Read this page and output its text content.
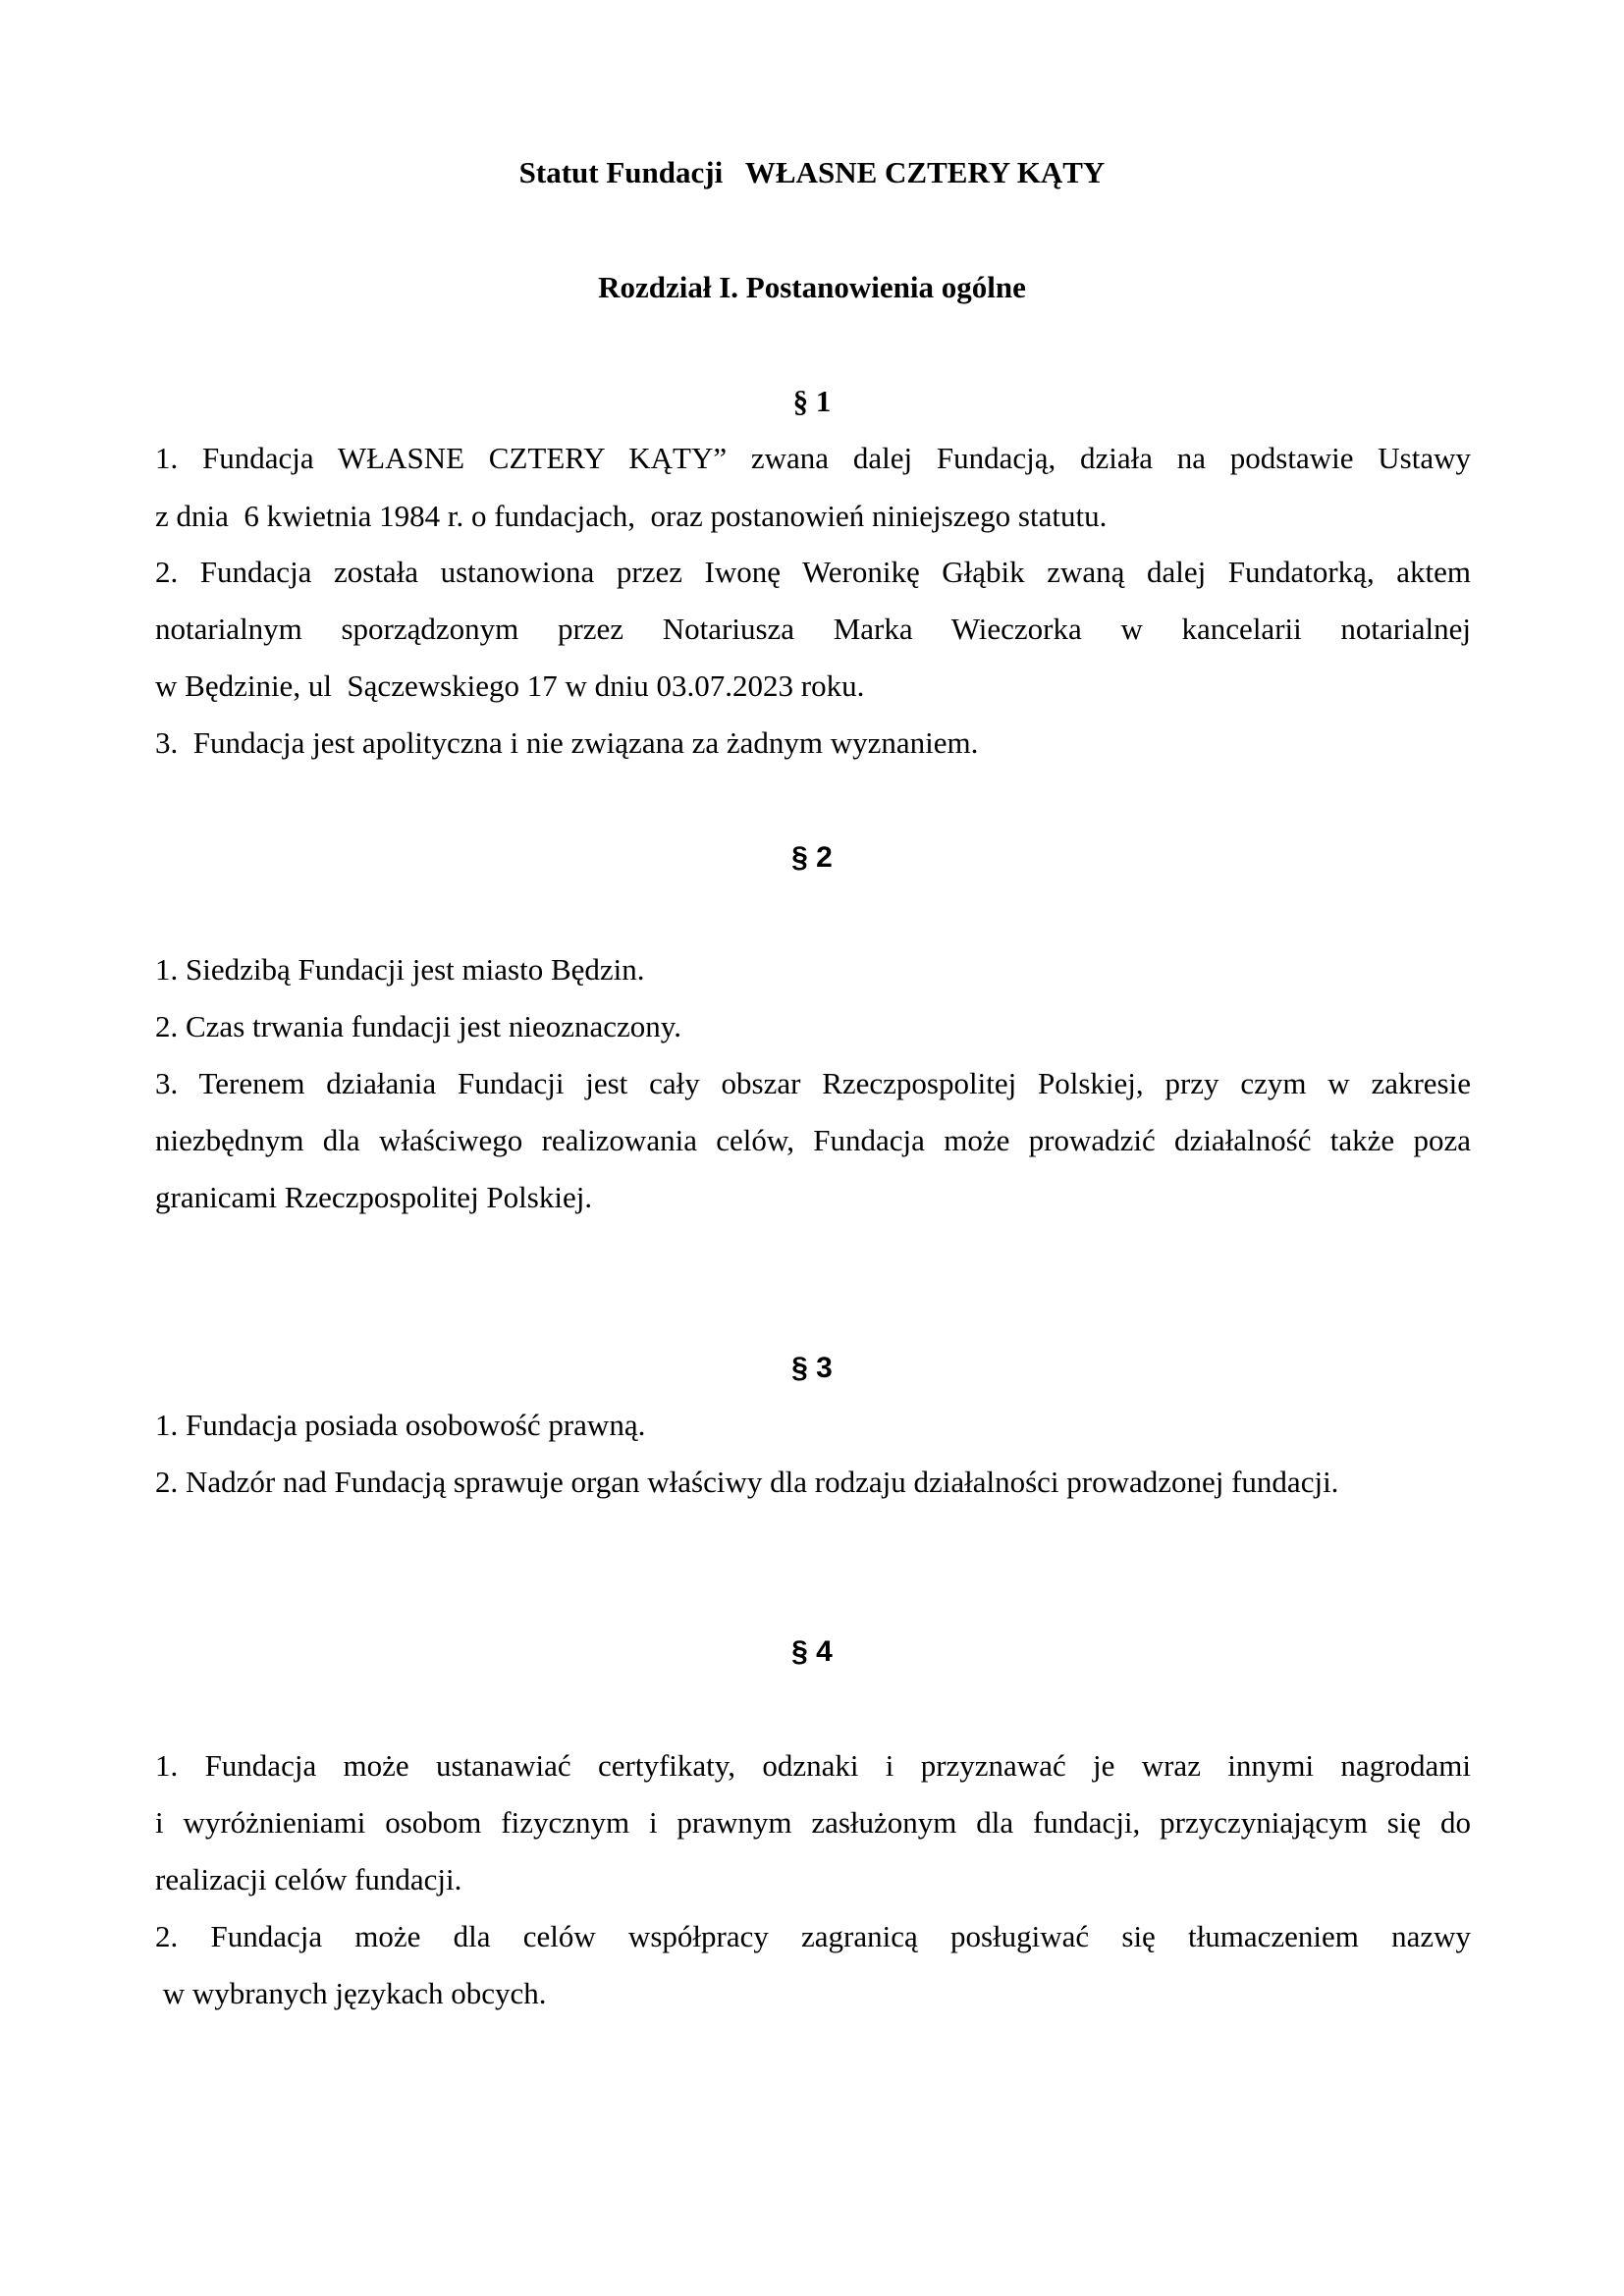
Statut Fundacji   WŁASNE CZTERY KĄTY
Rozdział I. Postanowienia ogólne
§ 1
1. Fundacja WŁASNE CZTERY KĄTY” zwana dalej Fundacją, działa na podstawie Ustawy
z dnia  6 kwietnia 1984 r. o fundacjach,  oraz postanowień niniejszego statutu.
2. Fundacja została ustanowiona przez Iwonę Weronikę Głąbik zwaną dalej Fundatorką, aktem
notarialnym sporządzonym przez Notariusza Marka Wieczorka w kancelarii notarialnej
w Będzinie, ul  Sączewskiego 17 w dniu 03.07.2023 roku.
3.  Fundacja jest apolityczna i nie związana za żadnym wyznaniem.
§ 2
1. Siedzibą Fundacji jest miasto Będzin.
2. Czas trwania fundacji jest nieoznaczony.
3. Terenem działania Fundacji jest cały obszar Rzeczpospolitej Polskiej, przy czym w zakresie
niezbędnym dla właściwego realizowania celów, Fundacja może prowadzić działalność także poza
granicami Rzeczpospolitej Polskiej.
§ 3
1. Fundacja posiada osobowość prawną.
2. Nadzór nad Fundacją sprawuje organ właściwy dla rodzaju działalności prowadzonej fundacji.
§ 4
1. Fundacja może ustanawiać certyfikaty, odznaki i przyznawać je wraz innymi nagrodami
i wyróżnieniami osobom fizycznym i prawnym zasłużonym dla fundacji, przyczyniającym się do
realizacji celów fundacji.
2. Fundacja może dla celów współpracy zagranicą posługiwać się tłumaczeniem nazwy
w wybranych językach obcych.
